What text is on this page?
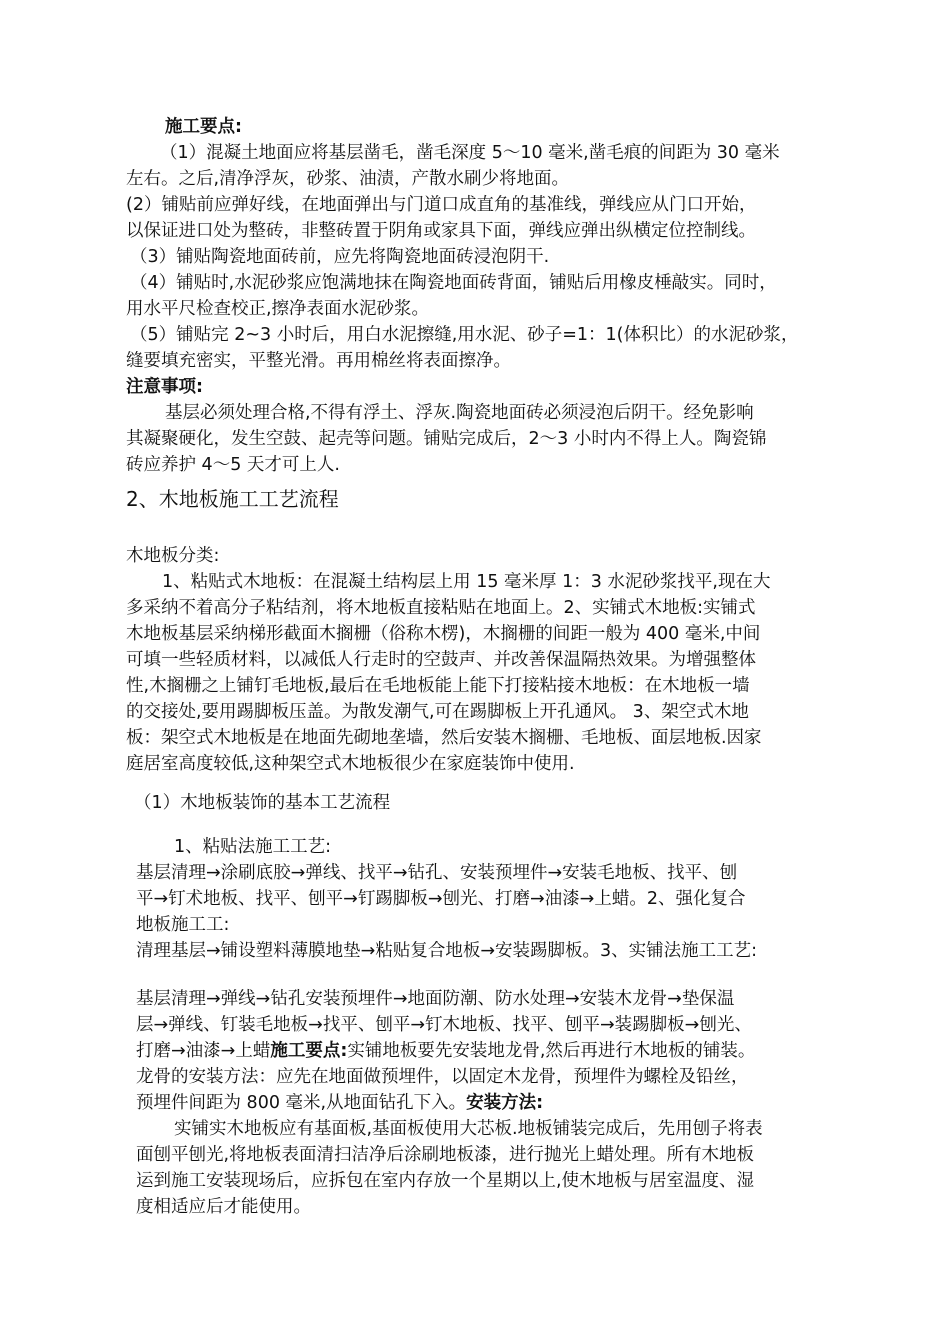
施工要点:
（1）混凝土地面应将基层凿毛，凿毛深度 5～10 毫米,凿毛痕的间距为 30 毫米
左右。之后,清净浮灰，砂浆、油渍，产散水刷少将地面。
(2）铺贴前应弹好线，在地面弹出与门道口成直角的基准线，弹线应从门口开始，
以保证进口处为整砖，非整砖置于阴角或家具下面，弹线应弹出纵横定位控制线。
（3）铺贴陶瓷地面砖前，应先将陶瓷地面砖浸泡阴干.
（4）铺贴时,水泥砂浆应饱满地抹在陶瓷地面砖背面，铺贴后用橡皮棰敲实。同时，
用水平尺检查校正,擦净表面水泥砂浆。
（5）铺贴完 2~3 小时后，用白水泥擦缝,用水泥、砂子=1：1(体积比）的水泥砂浆，
缝要填充密实，平整光滑。再用棉丝将表面擦净。
注意事项:
基层必须处理合格,不得有浮土、浮灰.陶瓷地面砖必须浸泡后阴干。经免影响
其凝聚硬化，发生空鼓、起壳等问题。铺贴完成后，2～3 小时内不得上人。陶瓷锦
砖应养护 4～5 天才可上人.
2、木地板施工工艺流程
木地板分类:
1、粘贴式木地板：在混凝土结构层上用 15 毫米厚 1：3 水泥砂浆找平,现在大
多采纳不着高分子粘结剂，将木地板直接粘贴在地面上。2、实铺式木地板:实铺式
木地板基层采纳梯形截面木搁栅（俗称木楞)，木搁栅的间距一般为 400 毫米,中间
可填一些轻质材料，以减低人行走时的空鼓声、并改善保温隔热效果。为增强整体
性,木搁栅之上铺钉毛地板,最后在毛地板能上能下打接粘接木地板：在木地板一墙
的交接处,要用踢脚板压盖。为散发潮气,可在踢脚板上开孔通风。 3、架空式木地
板：架空式木地板是在地面先砌地垄墙，然后安装木搁栅、毛地板、面层地板.因家
庭居室高度较低,这种架空式木地板很少在家庭装饰中使用.
（1）木地板装饰的基本工艺流程
1、粘贴法施工工艺:
基层清理→涂刷底胶→弹线、找平→钻孔、安装预埋件→安装毛地板、找平、刨
平→钉术地板、找平、刨平→钉踢脚板→刨光、打磨→油漆→上蜡。2、强化复合
地板施工工:
清理基层→铺设塑料薄膜地垫→粘贴复合地板→安装踢脚板。3、实铺法施工工艺:
基层清理→弹线→钻孔安装预埋件→地面防潮、防水处理→安装木龙骨→垫保温
层→弹线、钉装毛地板→找平、刨平→钉木地板、找平、刨平→装踢脚板→刨光、
打磨→油漆→上蜡施工要点:实铺地板要先安装地龙骨,然后再进行木地板的铺装。
龙骨的安装方法：应先在地面做预埋件，以固定木龙骨，预埋件为螺栓及铅丝，
预埋件间距为 800 毫米,从地面钻孔下入。安装方法:
实铺实木地板应有基面板,基面板使用大芯板.地板铺装完成后，先用刨子将表
面刨平刨光,将地板表面清扫洁净后涂刷地板漆，进行抛光上蜡处理。所有木地板
运到施工安装现场后，应拆包在室内存放一个星期以上,使木地板与居室温度、湿
度相适应后才能使用。
